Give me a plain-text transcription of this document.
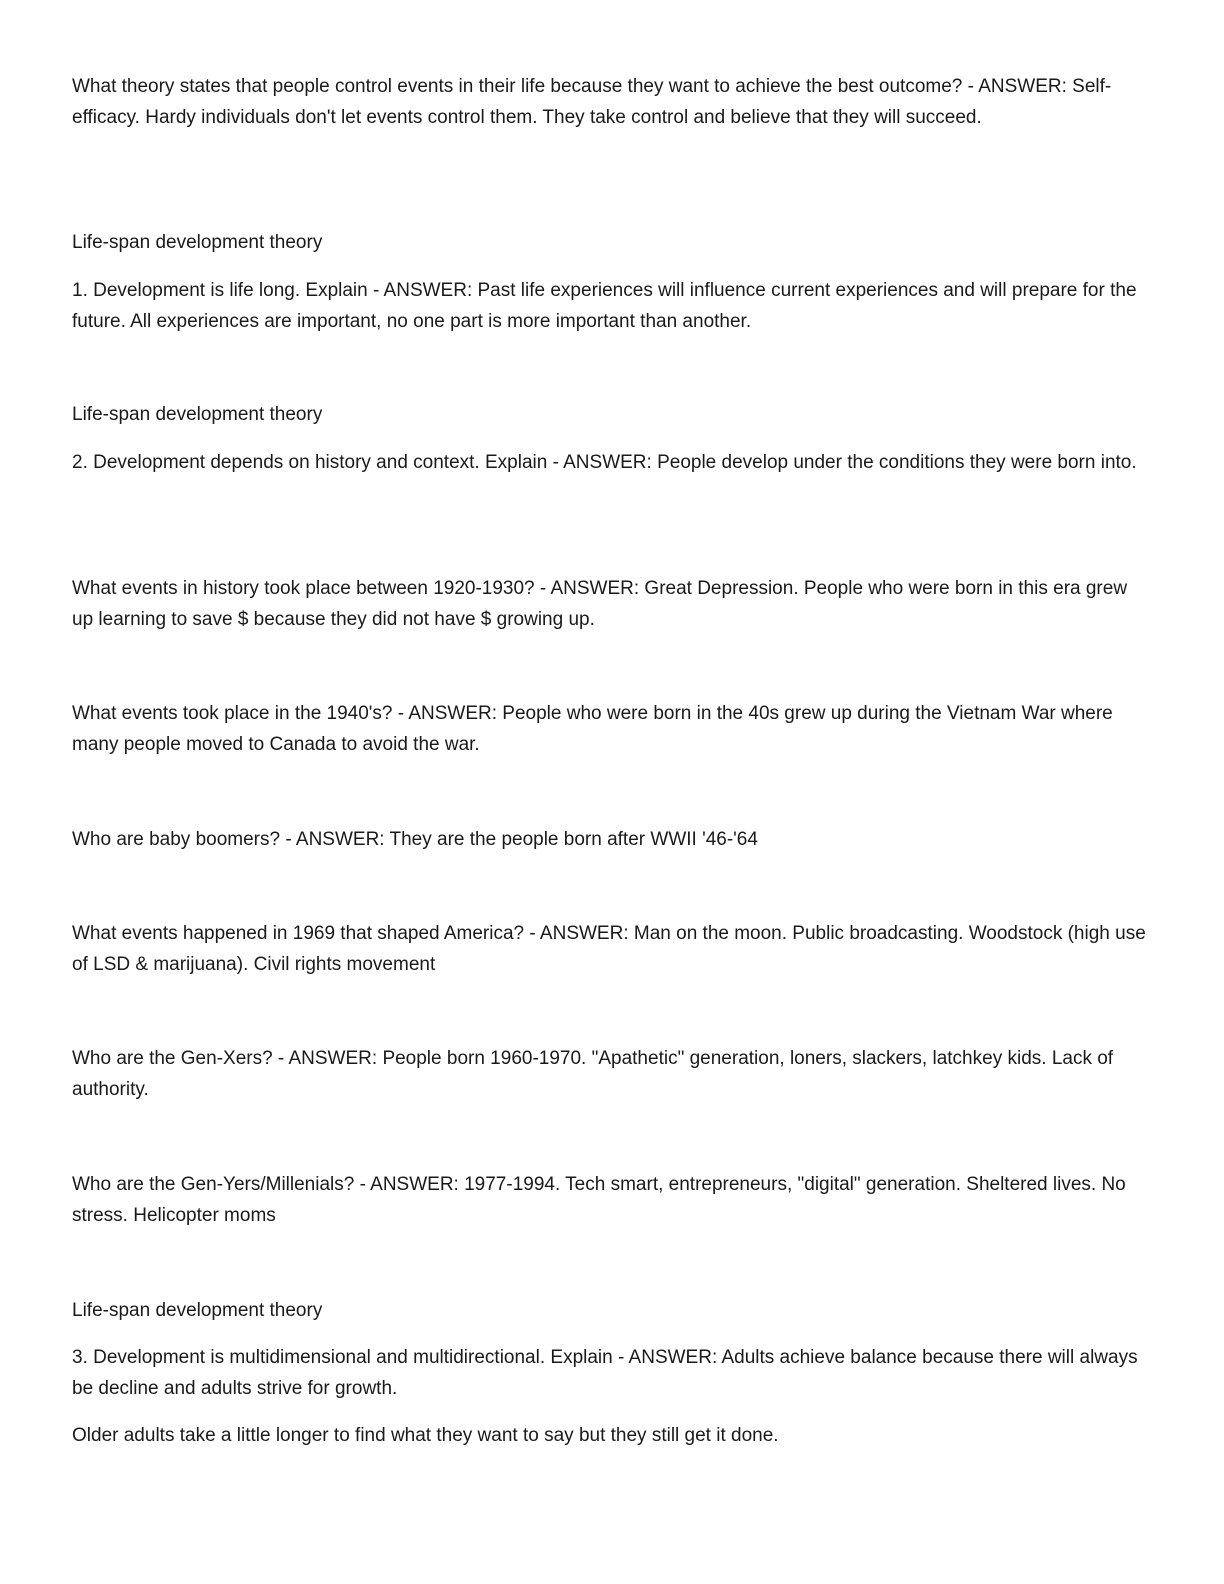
What theory states that people control events in their life because they want to achieve the best outcome? - ANSWER: Self-efficacy. Hardy individuals don't let events control them. They take control and believe that they will succeed.

Life-span development theory

1. Development is life long. Explain - ANSWER: Past life experiences will influence current experiences and will prepare for the future. All experiences are important, no one part is more important than another.

Life-span development theory

2. Development depends on history and context. Explain - ANSWER: People develop under the conditions they were born into.

What events in history took place between 1920-1930? - ANSWER: Great Depression. People who were born in this era grew up learning to save $ because they did not have $ growing up.

What events took place in the 1940's? - ANSWER: People who were born in the 40s grew up during the Vietnam War where many people moved to Canada to avoid the war.

Who are baby boomers? - ANSWER: They are the people born after WWII '46-'64

What events happened in 1969 that shaped America? - ANSWER: Man on the moon. Public broadcasting. Woodstock (high use of LSD & marijuana). Civil rights movement

Who are the Gen-Xers? - ANSWER: People born 1960-1970. "Apathetic" generation, loners, slackers, latchkey kids. Lack of authority.

Who are the Gen-Yers/Millenials? - ANSWER: 1977-1994. Tech smart, entrepreneurs, "digital" generation. Sheltered lives. No stress. Helicopter moms

Life-span development theory

3. Development is multidimensional and multidirectional. Explain - ANSWER: Adults achieve balance because there will always be decline and adults strive for growth.

Older adults take a little longer to find what they want to say but they still get it done.
